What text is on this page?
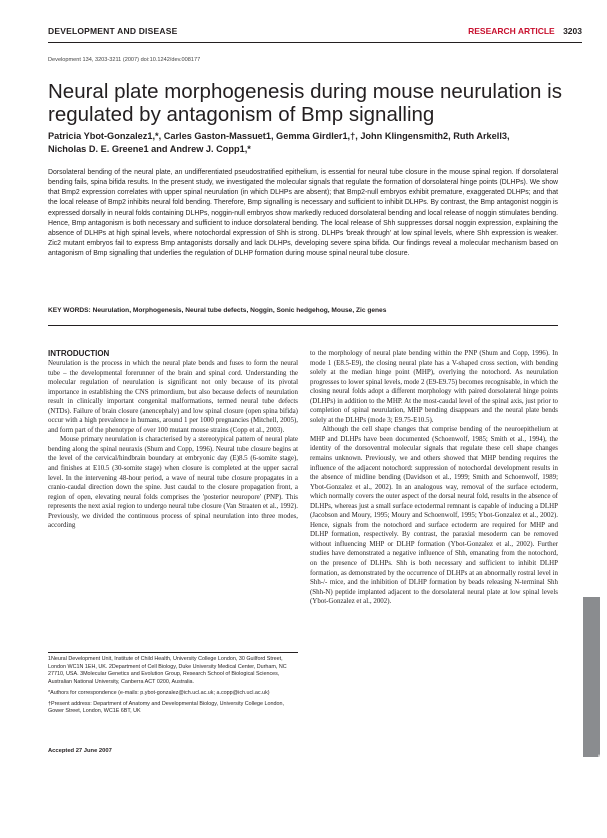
DEVELOPMENT AND DISEASE	RESEARCH ARTICLE 3203
Development 134, 3203-3211 (2007) doi:10.1242/dev.008177
Neural plate morphogenesis during mouse neurulation is regulated by antagonism of Bmp signalling
Patricia Ybot-Gonzalez1,*, Carles Gaston-Massuet1, Gemma Girdler1,†, John Klingensmith2, Ruth Arkell3,
Nicholas D. E. Greene1 and Andrew J. Copp1,*
Dorsolateral bending of the neural plate, an undifferentiated pseudostratified epithelium, is essential for neural tube closure in the mouse spinal region. If dorsolateral bending fails, spina bifida results. In the present study, we investigated the molecular signals that regulate the formation of dorsolateral hinge points (DLHPs). We show that Bmp2 expression correlates with upper spinal neurulation (in which DLHPs are absent); that Bmp2-null embryos exhibit premature, exaggerated DLHPs; and that the local release of Bmp2 inhibits neural fold bending. Therefore, Bmp signalling is necessary and sufficient to inhibit DLHPs. By contrast, the Bmp antagonist noggin is expressed dorsally in neural folds containing DLHPs, noggin-null embryos show markedly reduced dorsolateral bending and local release of noggin stimulates bending. Hence, Bmp antagonism is both necessary and sufficient to induce dorsolateral bending. The local release of Shh suppresses dorsal noggin expression, explaining the absence of DLHPs at high spinal levels, where notochordal expression of Shh is strong. DLHPs 'break through' at low spinal levels, where Shh expression is weaker. Zic2 mutant embryos fail to express Bmp antagonists dorsally and lack DLHPs, developing severe spina bifida. Our findings reveal a molecular mechanism based on antagonism of Bmp signalling that underlies the regulation of DLHP formation during mouse spinal neural tube closure.
KEY WORDS: Neurulation, Morphogenesis, Neural tube defects, Noggin, Sonic hedgehog, Mouse, Zic genes
INTRODUCTION

Neurulation is the process in which the neural plate bends and fuses to form the neural tube – the developmental forerunner of the brain and spinal cord. Understanding the molecular regulation of neurulation is significant not only because of its pivotal importance in establishing the CNS primordium, but also because defects of neurulation result in clinically important congenital malformations, termed neural tube defects (NTDs). Failure of brain closure (anencephaly) and low spinal closure (open spina bifida) occur with a high prevalence in humans, around 1 per 1000 pregnancies (Mitchell, 2005), and form part of the phenotype of over 100 mutant mouse strains (Copp et al., 2003).

Mouse primary neurulation is characterised by a stereotypical pattern of neural plate bending along the spinal neuraxis (Shum and Copp, 1996). Neural tube closure begins at the level of the cervical/hindbrain boundary at embryonic day (E)8.5 (6-somite stage), and finishes at E10.5 (30-somite stage) when closure is completed at the upper sacral level. In the intervening 48-hour period, a wave of neural tube closure propagates in a cranio-caudal direction down the spine. Just caudal to the closure propagation front, a region of open, elevating neural folds comprises the 'posterior neuropore' (PNP). This represents the next axial region to undergo neural tube closure (Van Straaten et al., 1992). Previously, we divided the continuous process of spinal neurulation into three modes, according

to the morphology of neural plate bending within the PNP (Shum and Copp, 1996). In mode 1 (E8.5-E9), the closing neural plate has a V-shaped cross section, with bending solely at the median hinge point (MHP), overlying the notochord. As neurulation progresses to lower spinal levels, mode 2 (E9-E9.75) becomes recognisable, in which the closing neural folds adopt a different morphology with paired dorsolateral hinge points (DLHPs) in addition to the MHP. At the most-caudal level of the spinal axis, just prior to completion of spinal neurulation, MHP bending disappears and the neural plate bends solely at the DLHPs (mode 3; E9.75-E10.5).

Although the cell shape changes that comprise bending of the neuroepithelium at MHP and DLHPs have been documented (Schoenwolf, 1985; Smith et al., 1994), the identity of the dorsoventral molecular signals that regulate these cell shape changes remains unknown. Previously, we and others showed that MHP bending requires the influence of the adjacent notochord: suppression of notochordal development results in the absence of midline bending (Davidson et al., 1999; Smith and Schoenwolf, 1989; Ybot-Gonzalez et al., 2002). In an analogous way, removal of the surface ectoderm, which normally covers the outer aspect of the dorsal neural fold, results in the absence of DLHPs, whereas just a small surface ectodermal remnant is capable of inducing a DLHP (Jacobson and Moury, 1995; Moury and Schoenwolf, 1995; Ybot-Gonzalez et al., 2002). Hence, signals from the notochord and surface ectoderm are required for MHP and DLHP formation, respectively. By contrast, the paraxial mesoderm can be removed without influencing MHP or DLHP formation (Ybot-Gonzalez et al., 2002). Further studies have demonstrated a negative influence of Shh, emanating from the notochord, on the presence of DLHPs. Shh is both necessary and sufficient to inhibit DLHP formation, as demonstrated by the occurrence of DLHPs at an abnormally rostral level in Shh-/- mice, and the inhibition of DLHP formation by beads releasing N-terminal Shh (Shh-N) peptide implanted adjacent to the dorsolateral neural plate at low spinal levels (Ybot-Gonzalez et al., 2002).

1Neural Development Unit, Institute of Child Health, University College London, 30 Guilford Street, London WC1N 1EH, UK. 2Department of Cell Biology, Duke University Medical Center, Durham, NC 27710, USA. 3Molecular Genetics and Evolution Group, Research School of Biological Sciences, Australian National University, Canberra ACT 0200, Australia.

*Authors for correspondence (e-mails: p.ybot-gonzalez@ich.ucl.ac.uk; a.copp@ich.ucl.ac.uk)

†Present address: Department of Anatomy and Developmental Biology, University College London, Gower Street, London, WC1E 6BT, UK

Accepted 27 June 2007
DEVELOPMENT
